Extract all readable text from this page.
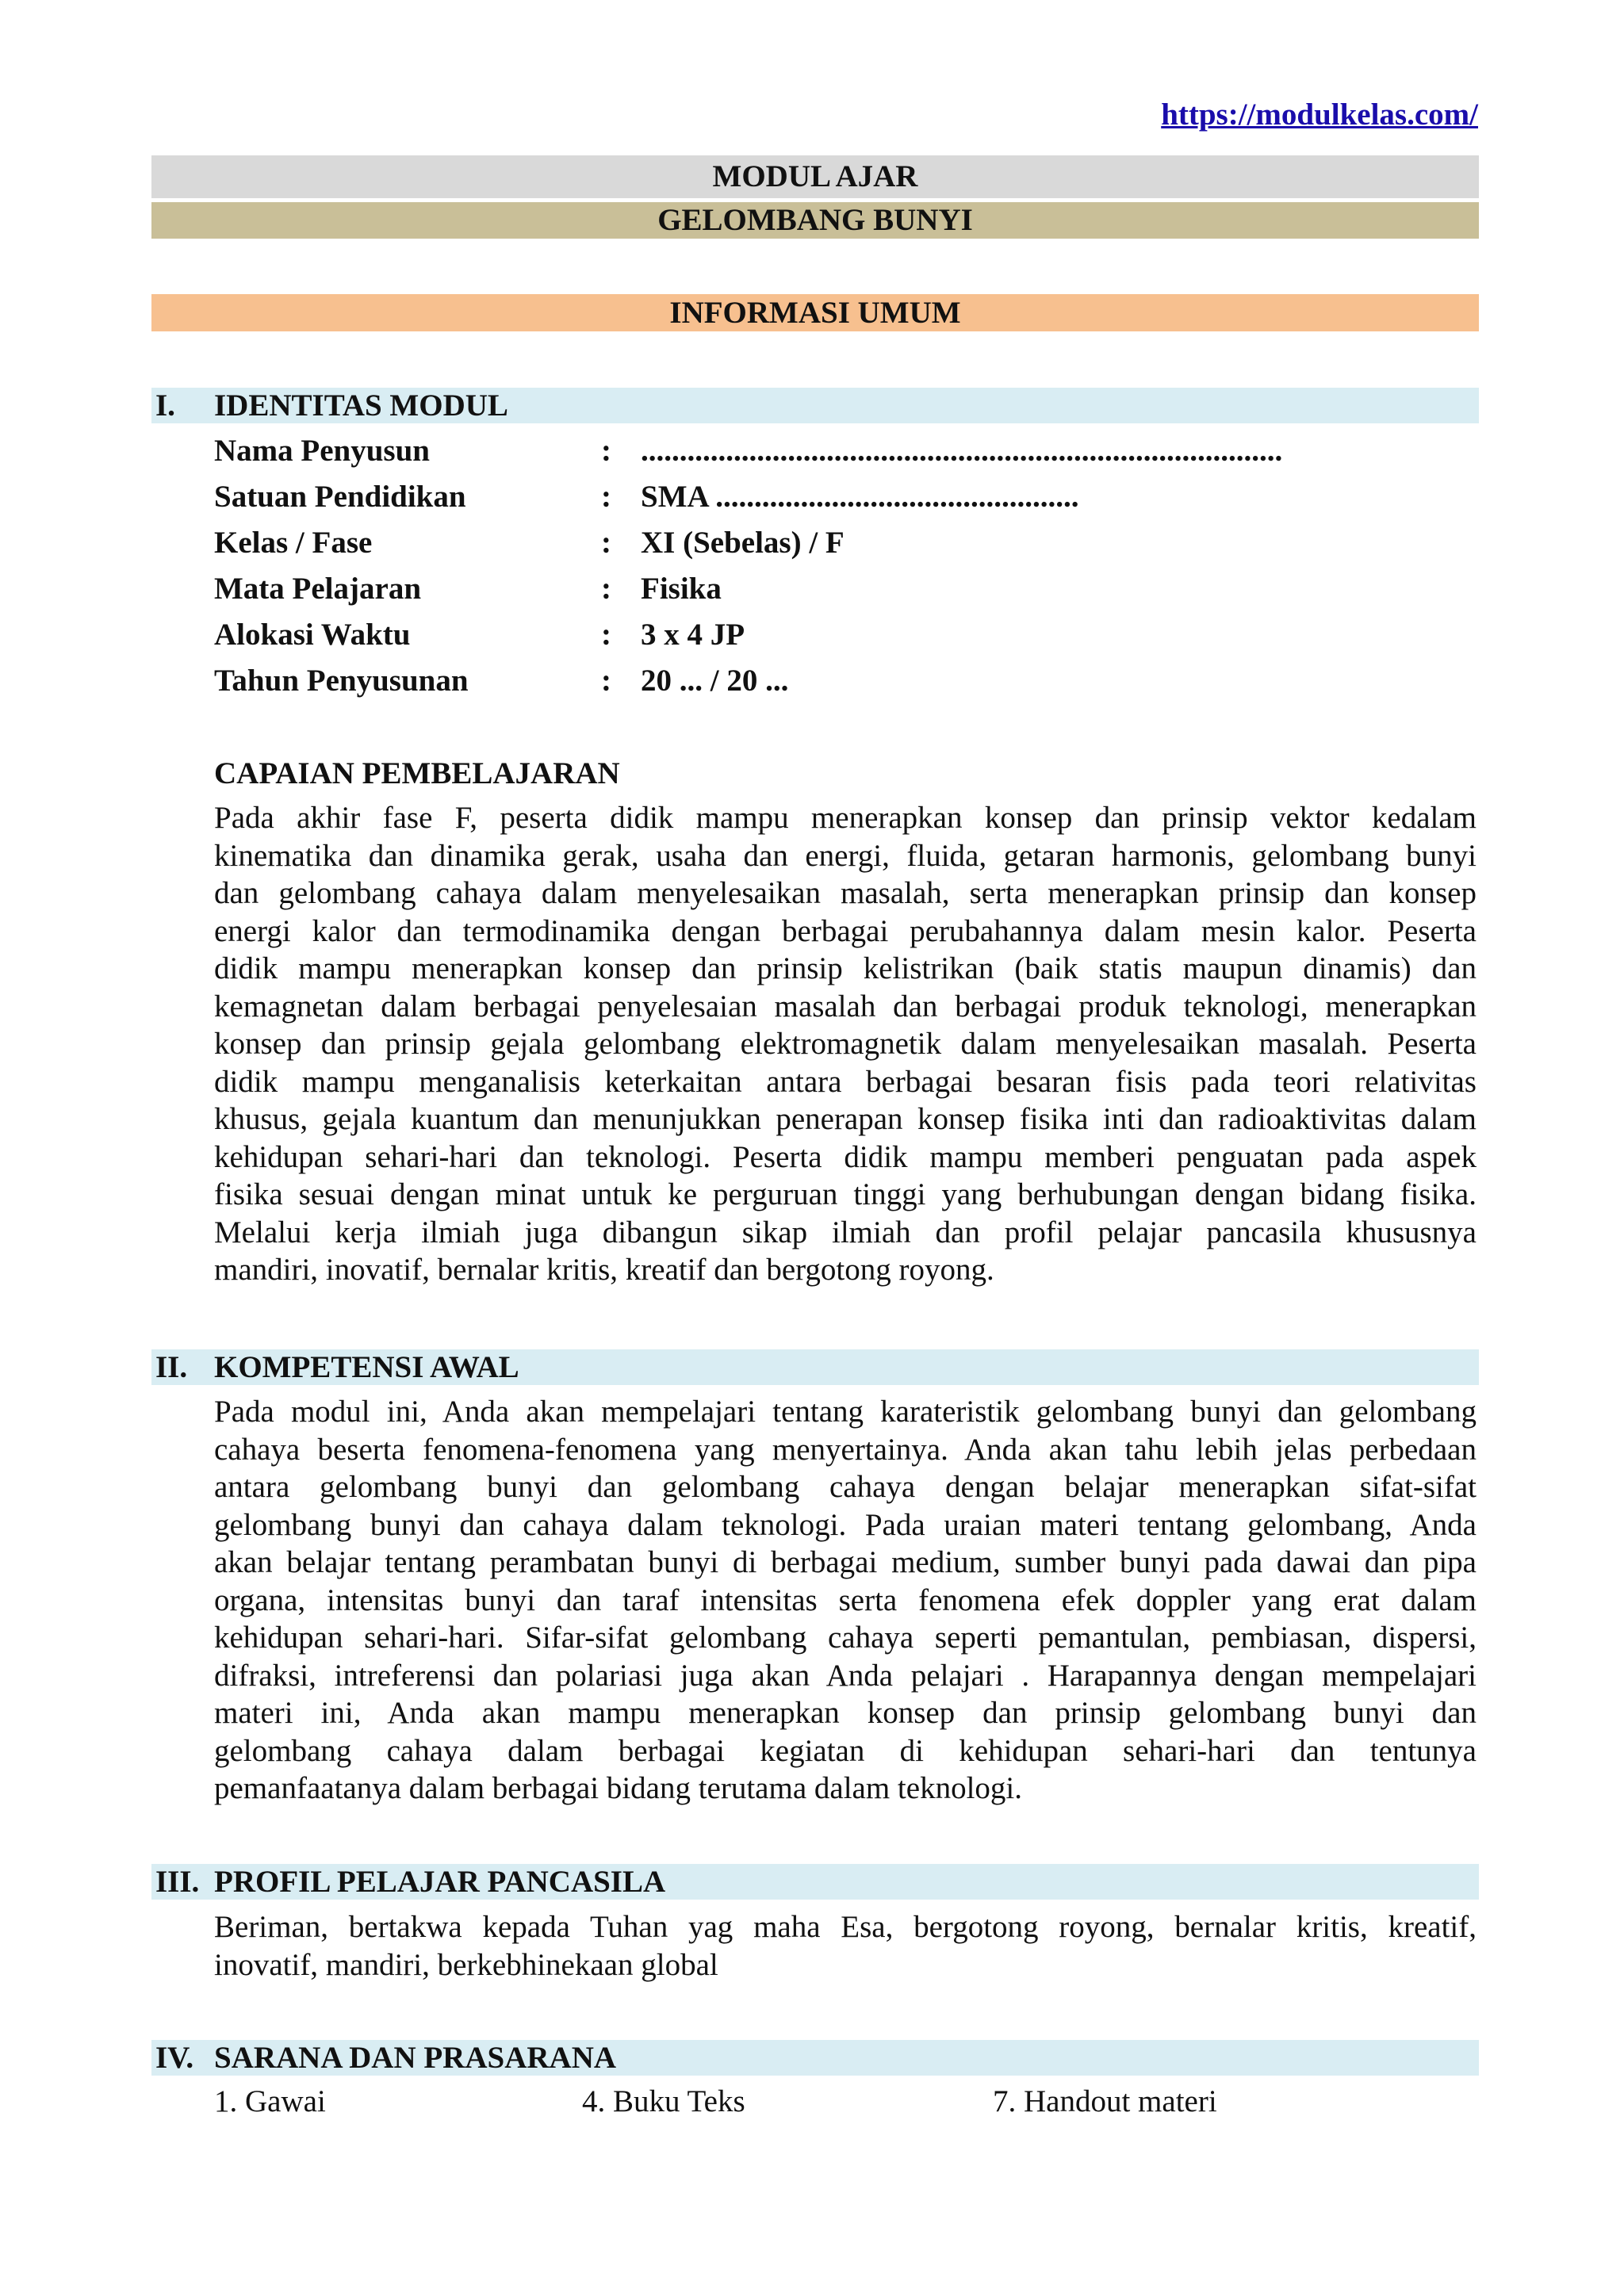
https://modulkelas.com/
MODUL AJAR
GELOMBANG BUNYI
INFORMASI UMUM
I. IDENTITAS MODUL
Nama Penyusun	: ...................................................................................
Satuan Pendidikan	: SMA ...............................................
Kelas / Fase	: XI (Sebelas) / F
Mata Pelajaran	: Fisika
Alokasi Waktu	: 3 x 4 JP
Tahun Penyusunan	: 20 ... / 20 ...
CAPAIAN PEMBELAJARAN
Pada akhir fase F, peserta didik mampu menerapkan konsep dan prinsip vektor kedalam
kinematika dan dinamika gerak, usaha dan energi, fluida, getaran harmonis, gelombang bunyi
dan gelombang cahaya dalam menyelesaikan masalah, serta menerapkan prinsip dan konsep
energi kalor dan termodinamika dengan berbagai perubahannya dalam mesin kalor. Peserta
didik mampu menerapkan konsep dan prinsip kelistrikan (baik statis maupun dinamis) dan
kemagnetan dalam berbagai penyelesaian masalah dan berbagai produk teknologi, menerapkan
konsep dan prinsip gejala gelombang elektromagnetik dalam menyelesaikan masalah. Peserta
didik mampu menganalisis keterkaitan antara berbagai besaran fisis pada teori relativitas
khusus, gejala kuantum dan menunjukkan penerapan konsep fisika inti dan radioaktivitas dalam
kehidupan sehari-hari dan teknologi. Peserta didik mampu memberi penguatan pada aspek
fisika sesuai dengan minat untuk ke perguruan tinggi yang berhubungan dengan bidang fisika.
Melalui kerja ilmiah juga dibangun sikap ilmiah dan profil pelajar pancasila khususnya
mandiri, inovatif, bernalar kritis, kreatif dan bergotong royong.
II. KOMPETENSI AWAL
Pada modul ini, Anda akan mempelajari tentang karateristik gelombang bunyi dan gelombang
cahaya beserta fenomena-fenomena yang menyertainya. Anda akan tahu lebih jelas perbedaan
antara gelombang bunyi dan gelombang cahaya dengan belajar menerapkan sifat-sifat
gelombang bunyi dan cahaya dalam teknologi. Pada uraian materi tentang gelombang, Anda
akan belajar tentang perambatan bunyi di berbagai medium, sumber bunyi pada dawai dan pipa
organa, intensitas bunyi dan taraf intensitas serta fenomena efek doppler yang erat dalam
kehidupan sehari-hari. Sifar-sifat gelombang cahaya seperti pemantulan, pembiasan, dispersi,
difraksi, intreferensi dan polariasi juga akan Anda pelajari . Harapannya dengan mempelajari
materi ini, Anda akan mampu menerapkan konsep dan prinsip gelombang bunyi dan
gelombang cahaya dalam berbagai kegiatan di kehidupan sehari-hari dan tentunya
pemanfaatanya dalam berbagai bidang terutama dalam teknologi.
III. PROFIL PELAJAR PANCASILA
Beriman, bertakwa kepada Tuhan yag maha Esa, bergotong royong, bernalar kritis, kreatif,
inovatif, mandiri, berkebhinekaan global
IV. SARANA DAN PRASARANA
1. Gawai	4. Buku Teks	7. Handout materi
